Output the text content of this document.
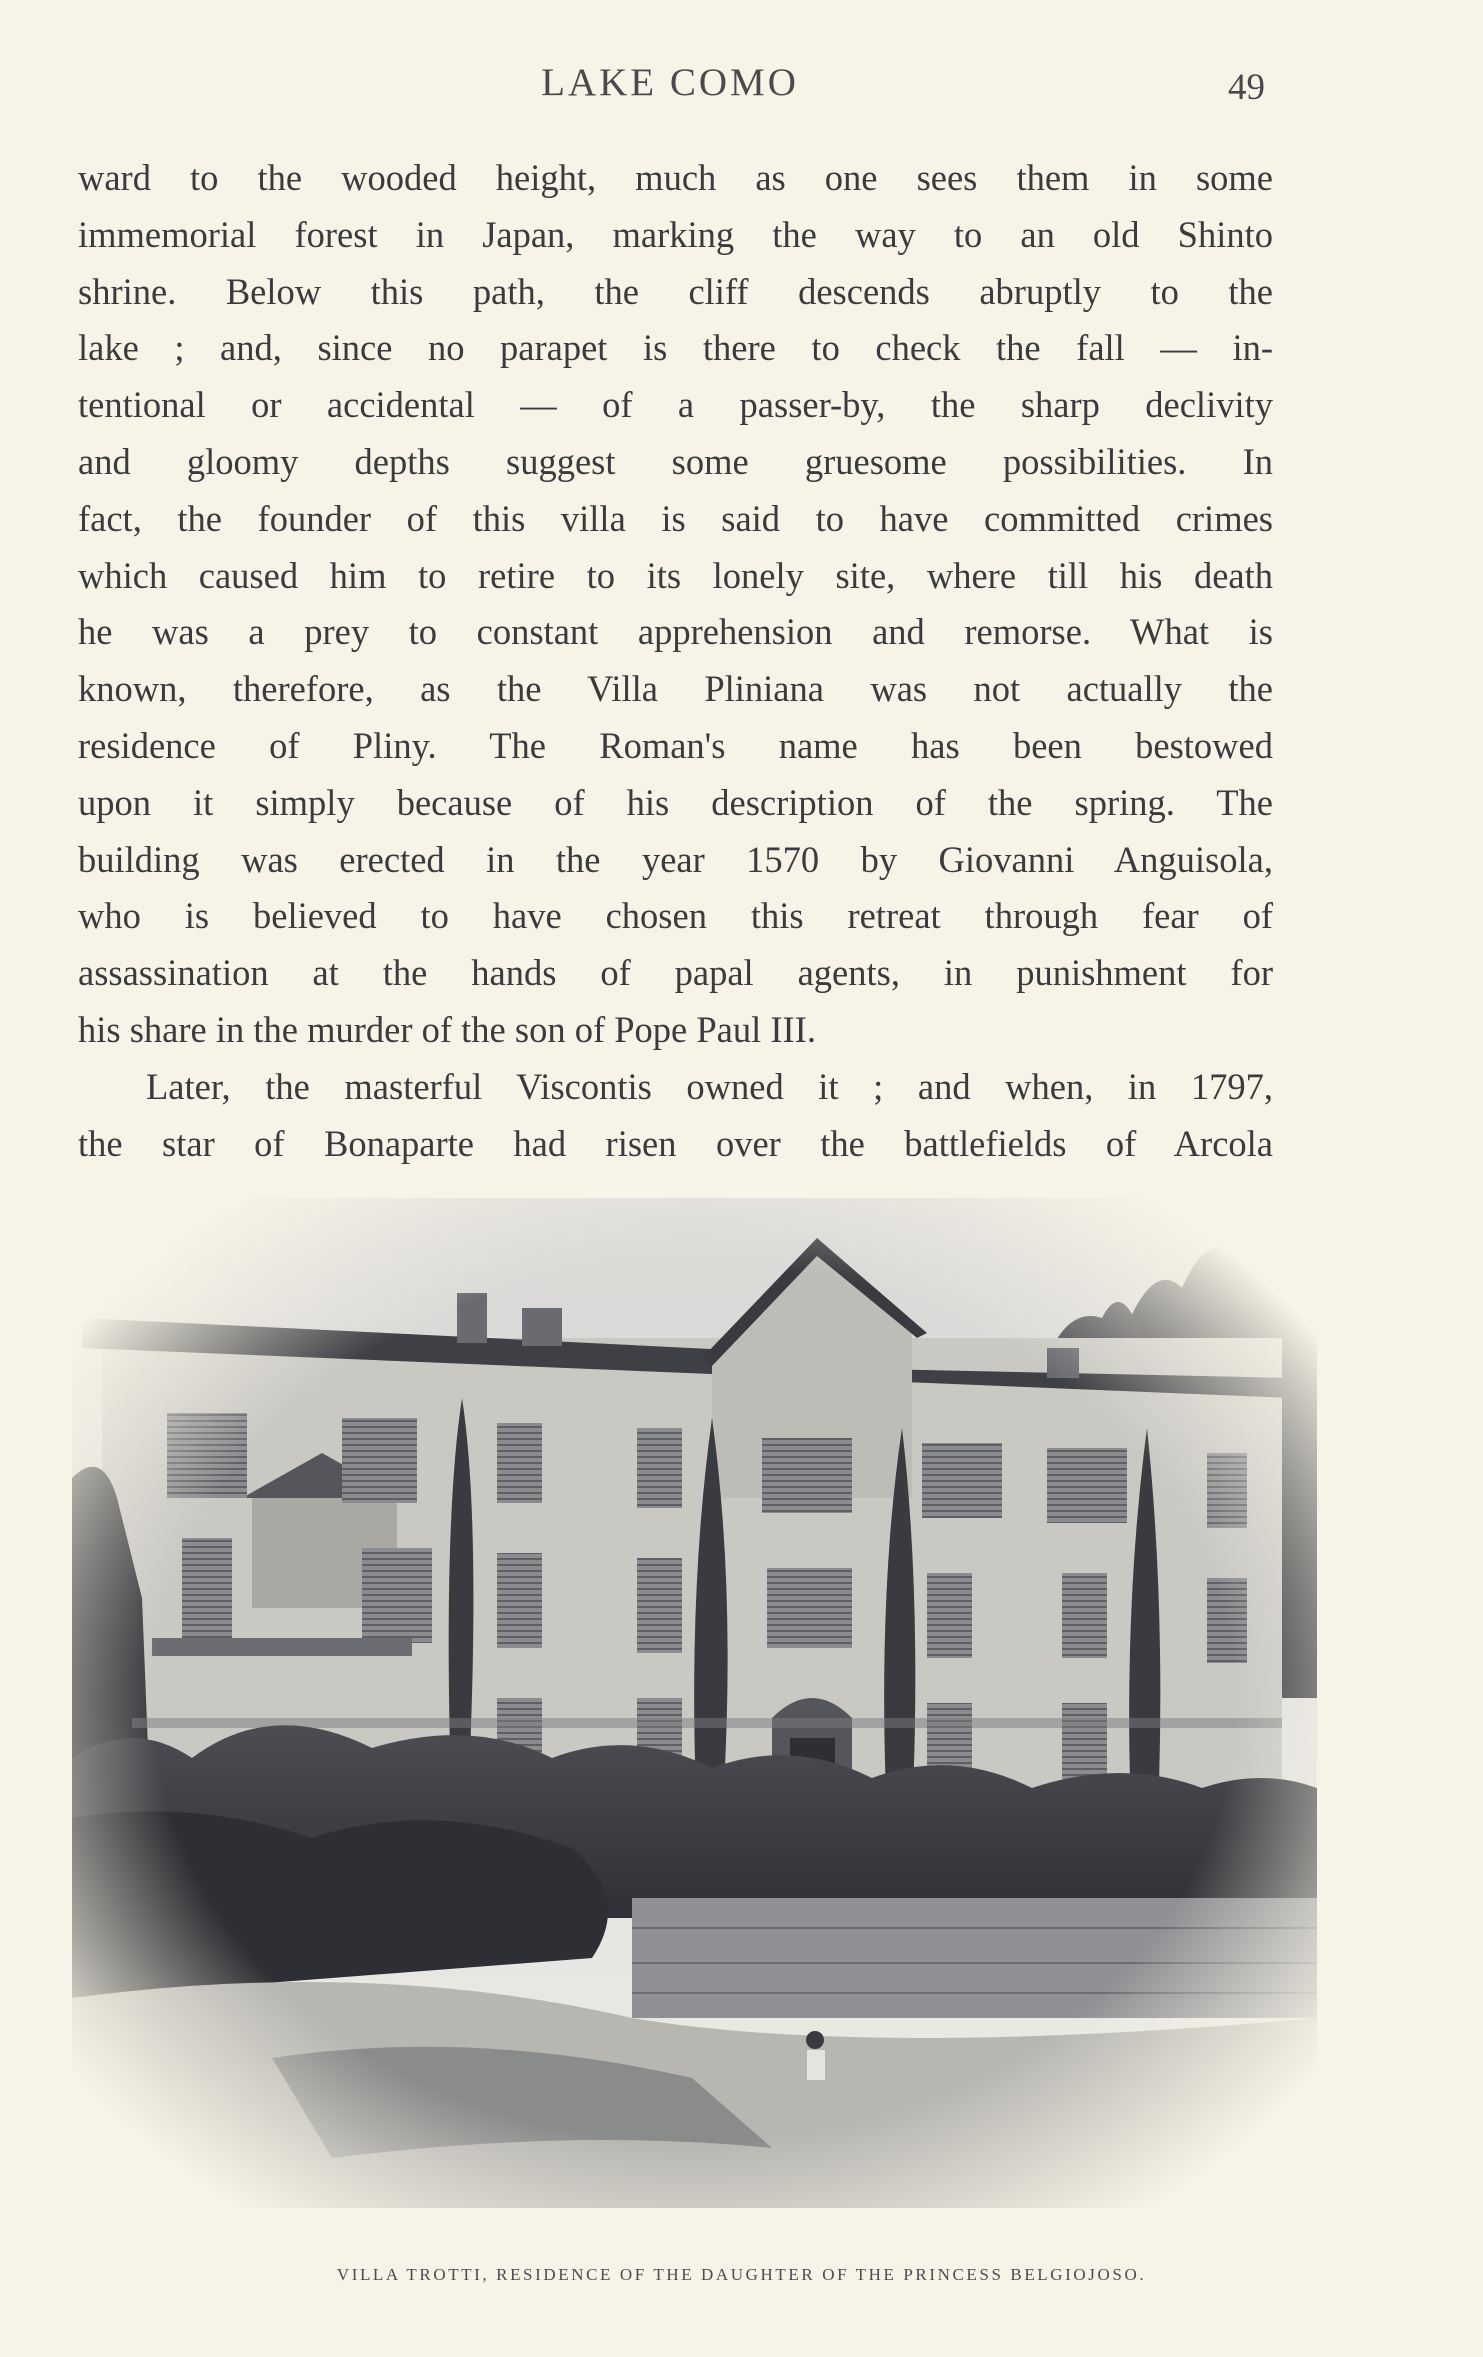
LAKE COMO	49

ward to the wooded height, much as one sees them in some
immemorial forest in Japan, marking the way to an old Shinto
shrine. Below this path, the cliff descends abruptly to the
lake ; and, since no parapet is there to check the fall — in-
tentional or accidental — of a passer-by, the sharp declivity
and gloomy depths suggest some gruesome possibilities. In
fact, the founder of this villa is said to have committed crimes
which caused him to retire to its lonely site, where till his death
he was a prey to constant apprehension and remorse. What is
known, therefore, as the Villa Pliniana was not actually the
residence of Pliny. The Roman's name has been bestowed
upon it simply because of his description of the spring. The
building was erected in the year 1570 by Giovanni Anguisola,
who is believed to have chosen this retreat through fear of
assassination at the hands of papal agents, in punishment for
his share in the murder of the son of Pope Paul III.

Later, the masterful Viscontis owned it ; and when, in 1797,
the star of Bonaparte had risen over the battlefields of Arcola

VILLA TROTTI, RESIDENCE OF THE DAUGHTER OF THE PRINCESS BELGIOJOSO.
